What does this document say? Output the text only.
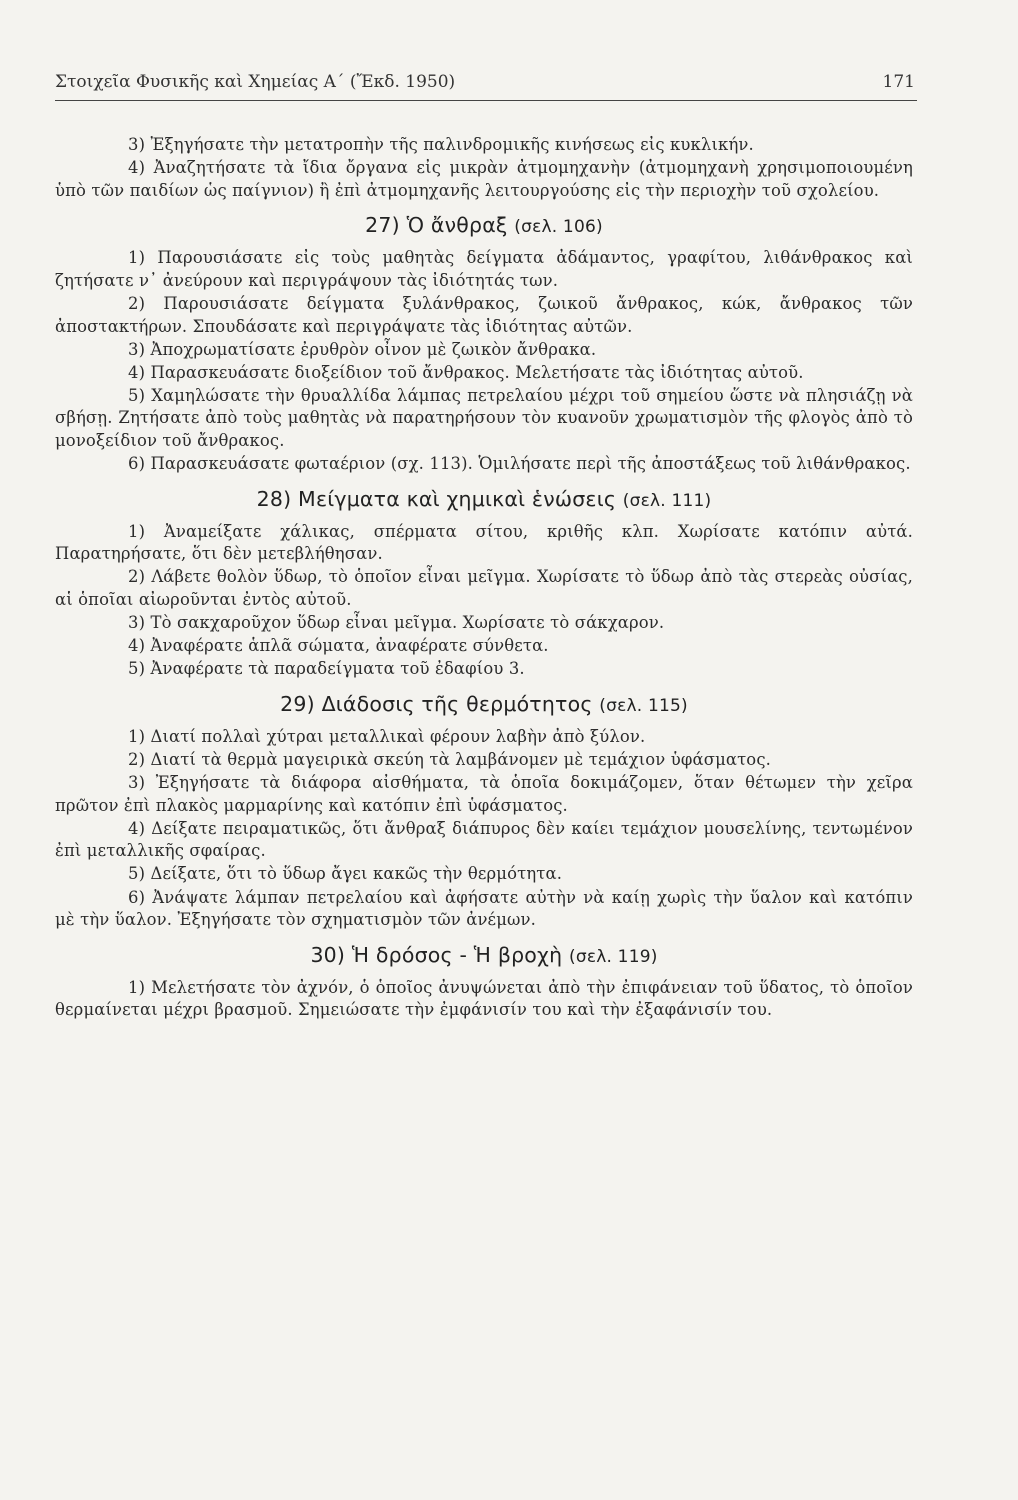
Στοιχεῖα Φυσικῆς καὶ Χημείας Α΄ (Ἔκδ. 1950)	171

3) Ἐξηγήσατε τὴν μετατροπὴν τῆς παλινδρομικῆς κινήσεως εἰς κυκλικήν.

4) Ἀναζητήσατε τὰ ἴδια ὄργανα εἰς μικρὰν ἀτμομηχανὴν (ἀτμομηχανὴ χρησιμοποιουμένη ὑπὸ τῶν παιδίων ὡς παίγνιον) ἢ ἐπὶ ἀτμομηχανῆς λειτουργούσης εἰς τὴν περιοχὴν τοῦ σχολείου.

27) Ὁ ἄνθραξ (σελ. 106)

1) Παρουσιάσατε εἰς τοὺς μαθητὰς δείγματα ἀδάμαντος, γραφίτου, λιθάνθρακος καὶ ζητήσατε ν᾽ ἀνεύρουν καὶ περιγράψουν τὰς ἰδιότητάς των.

2) Παρουσιάσατε δείγματα ξυλάνθρακος, ζωικοῦ ἄνθρακος, κώκ, ἄνθρακος τῶν ἀποστακτήρων. Σπουδάσατε καὶ περιγράψατε τὰς ἰδιότητας αὐτῶν.

3) Ἀποχρωματίσατε ἐρυθρὸν οἶνον μὲ ζωικὸν ἄνθρακα.

4) Παρασκευάσατε διοξείδιον τοῦ ἄνθρακος. Μελετήσατε τὰς ἰδιότητας αὐτοῦ.

5) Χαμηλώσατε τὴν θρυαλλίδα λάμπας πετρελαίου μέχρι τοῦ σημείου ὥστε νὰ πλησιάζῃ νὰ σβήσῃ. Ζητήσατε ἀπὸ τοὺς μαθητὰς νὰ παρατηρήσουν τὸν κυανοῦν χρωματισμὸν τῆς φλογὸς ἀπὸ τὸ μονοξείδιον τοῦ ἄνθρακος.

6) Παρασκευάσατε φωταέριον (σχ. 113). Ὁμιλήσατε περὶ τῆς ἀποστάξεως τοῦ λιθάνθρακος.

28) Μείγματα καὶ χημικαὶ ἑνώσεις (σελ. 111)

1) Ἀναμείξατε χάλικας, σπέρματα σίτου, κριθῆς κλπ. Χωρίσατε κατόπιν αὐτά. Παρατηρήσατε, ὅτι δὲν μετεβλήθησαν.

2) Λάβετε θολὸν ὕδωρ, τὸ ὁποῖον εἶναι μεῖγμα. Χωρίσατε τὸ ὕδωρ ἀπὸ τὰς στερεὰς οὐσίας, αἱ ὁποῖαι αἰωροῦνται ἐντὸς αὐτοῦ.

3) Τὸ σακχαροῦχον ὕδωρ εἶναι μεῖγμα. Χωρίσατε τὸ σάκχαρον.

4) Ἀναφέρατε ἁπλᾶ σώματα, ἀναφέρατε σύνθετα.

5) Ἀναφέρατε τὰ παραδείγματα τοῦ ἐδαφίου 3.

29) Διάδοσις τῆς θερμότητος (σελ. 115)

1) Διατί πολλαὶ χύτραι μεταλλικαὶ φέρουν λαβὴν ἀπὸ ξύλον.

2) Διατί τὰ θερμὰ μαγειρικὰ σκεύη τὰ λαμβάνομεν μὲ τεμάχιον ὑφάσματος.

3) Ἐξηγήσατε τὰ διάφορα αἰσθήματα, τὰ ὁποῖα δοκιμάζομεν, ὅταν θέτωμεν τὴν χεῖρα πρῶτον ἐπὶ πλακὸς μαρμαρίνης καὶ κατόπιν ἐπὶ ὑφάσματος.

4) Δείξατε πειραματικῶς, ὅτι ἄνθραξ διάπυρος δὲν καίει τεμάχιον μουσελίνης, τεντωμένον ἐπὶ μεταλλικῆς σφαίρας.

5) Δείξατε, ὅτι τὸ ὕδωρ ἄγει κακῶς τὴν θερμότητα.

6) Ἀνάψατε λάμπαν πετρελαίου καὶ ἀφήσατε αὐτὴν νὰ καίῃ χωρὶς τὴν ὕαλον καὶ κατόπιν μὲ τὴν ὕαλον. Ἐξηγήσατε τὸν σχηματισμὸν τῶν ἀνέμων.

30) Ἡ δρόσος - Ἡ βροχὴ (σελ. 119)

1) Μελετήσατε τὸν ἀχνόν, ὁ ὁποῖος ἀνυψώνεται ἀπὸ τὴν ἐπιφάνειαν τοῦ ὕδατος, τὸ ὁποῖον θερμαίνεται μέχρι βρασμοῦ. Σημειώσατε τὴν ἐμφάνισίν του καὶ τὴν ἐξαφάνισίν του.
